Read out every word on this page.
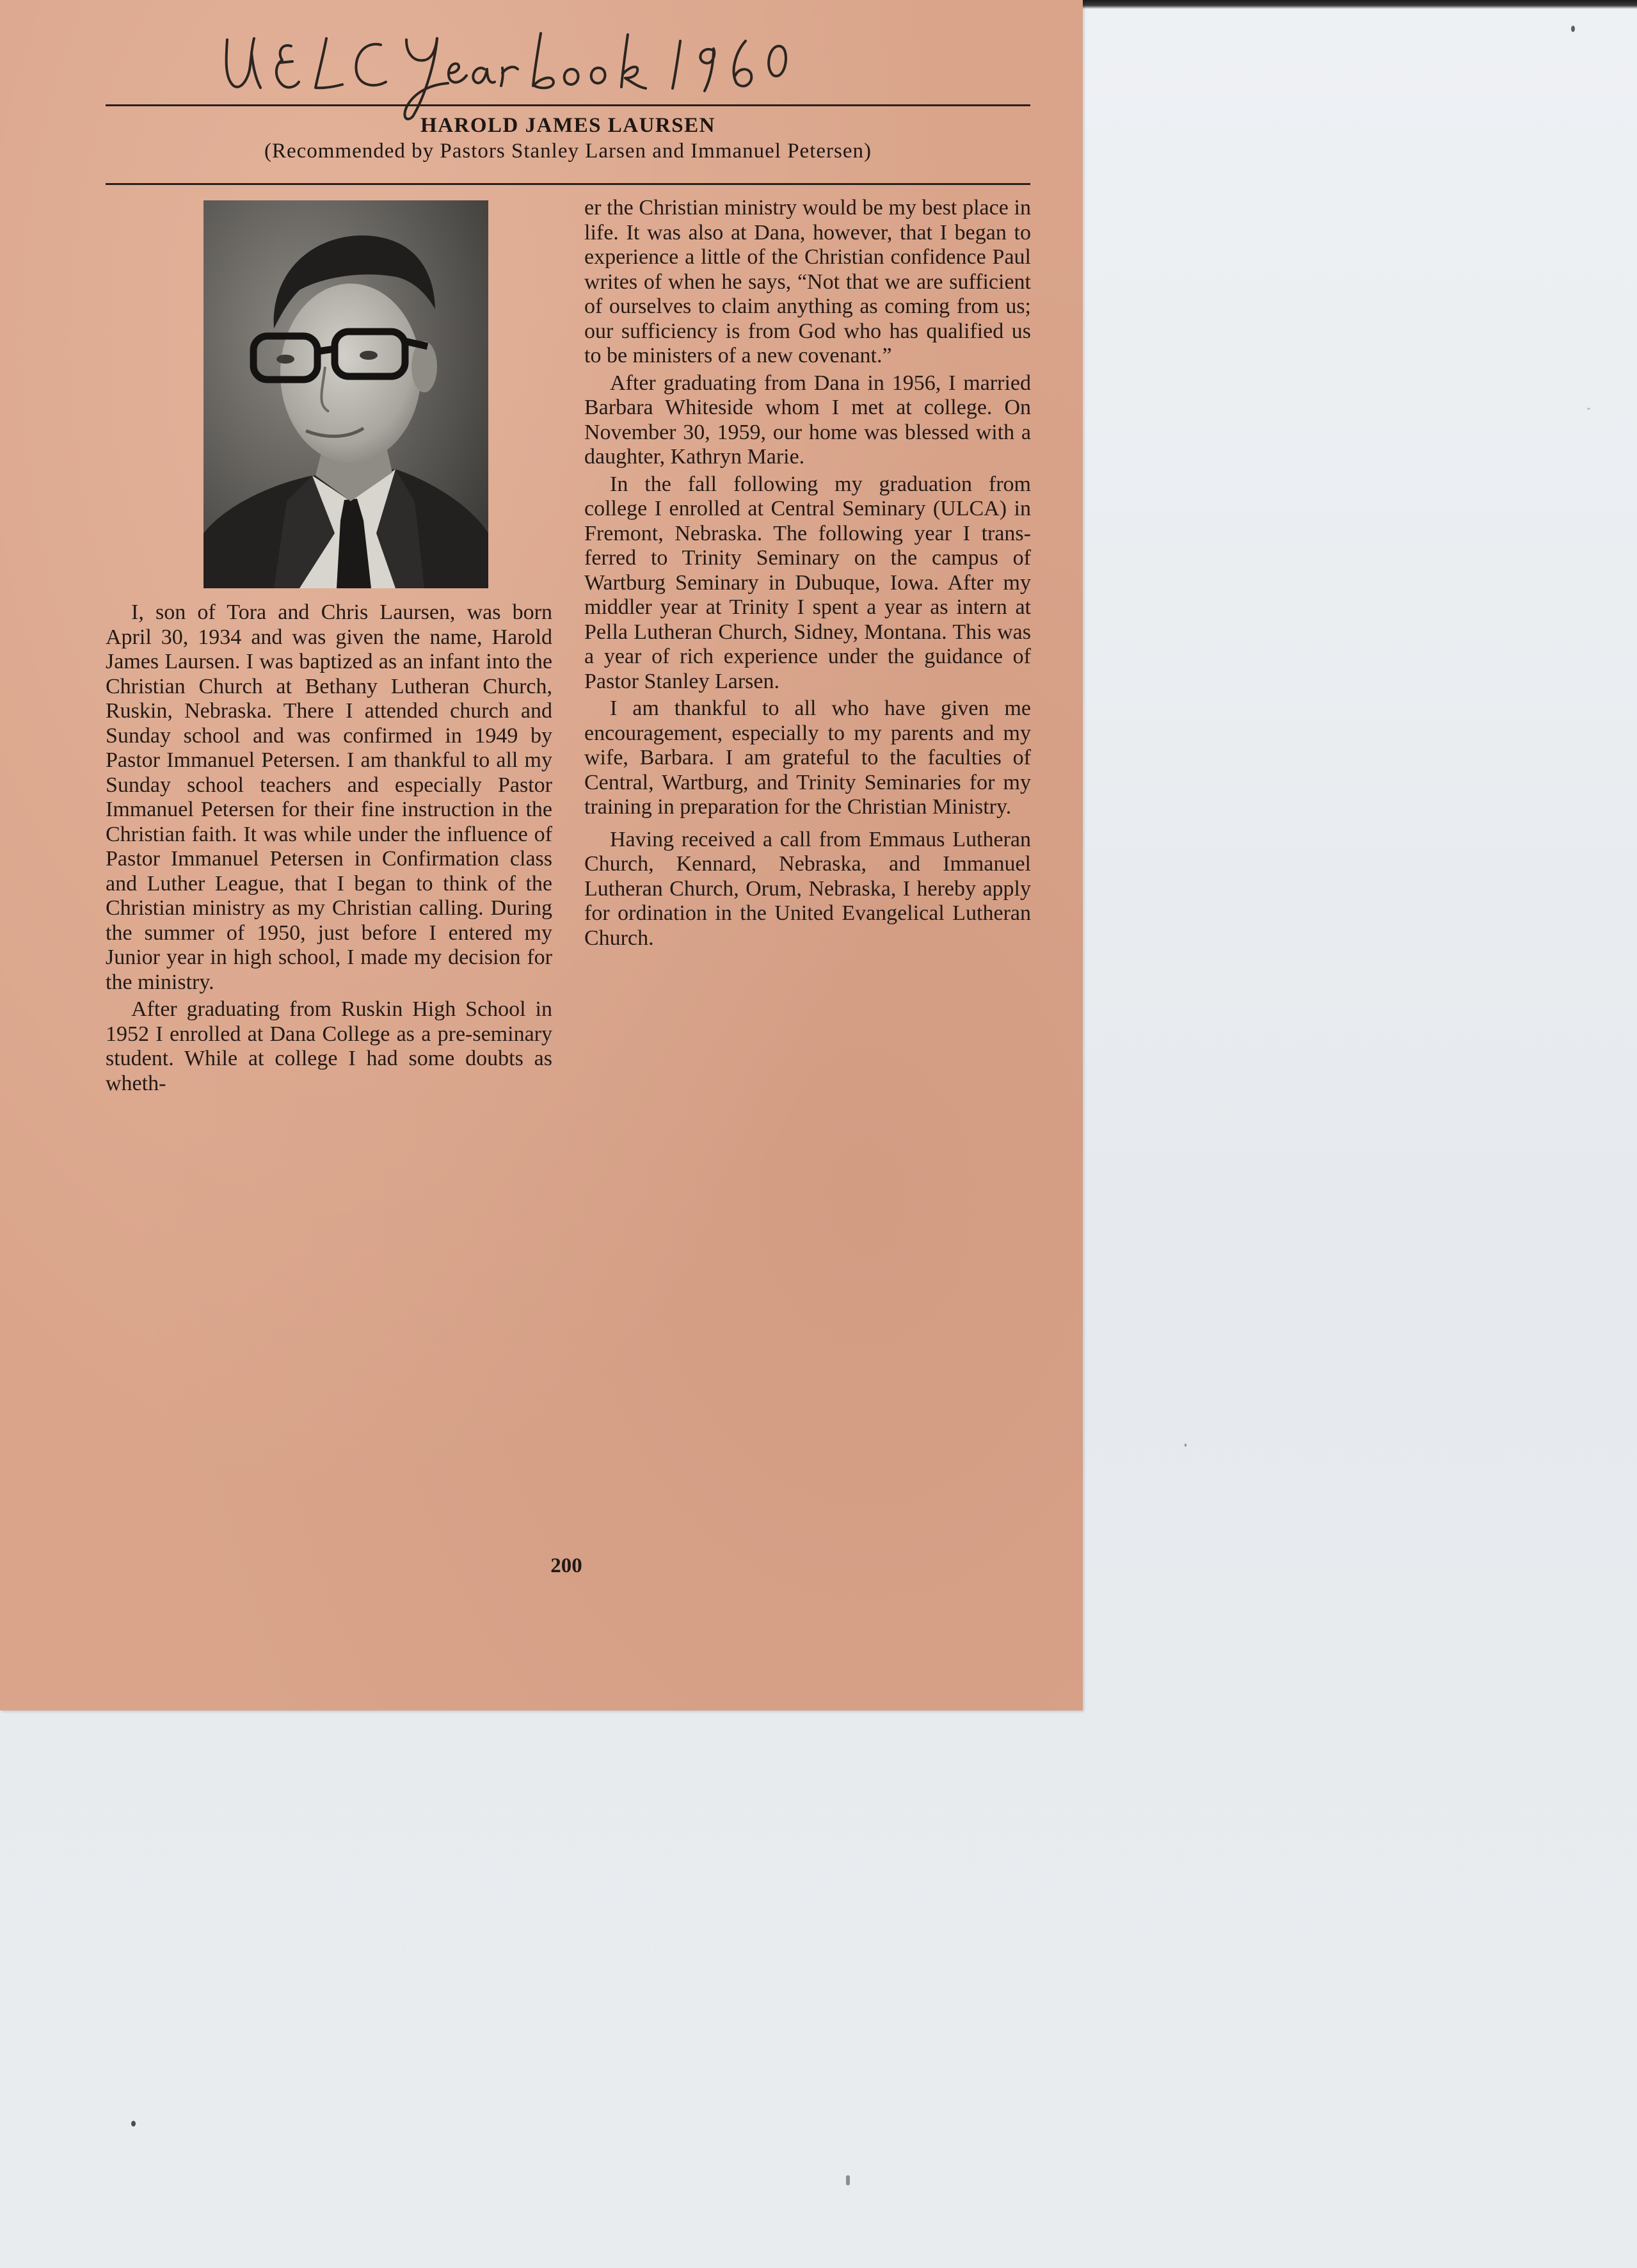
HAROLD JAMES LAURSEN
(Recommended by Pastors Stanley Larsen and Immanuel Petersen)

I, son of Tora and Chris Laursen, was born April 30, 1934 and was given the name, Harold James Laursen. I was baptized as an infant into the Christian Church at Bethany Lutheran Church, Ruskin, Nebraska. There I attended church and Sunday school and was confirmed in 1949 by Pastor Immanuel Petersen. I am thankful to all my Sunday school teachers and especially Pastor Immanuel Petersen for their fine instruction in the Christian faith. It was while under the influence of Pastor Immanuel Petersen in Confirmation class and Luther League, that I began to think of the Christian ministry as my Christian calling. During the summer of 1950, just before I entered my Junior year in high school, I made my decision for the ministry.

After graduating from Ruskin High School in 1952 I enrolled at Dana College as a pre-seminary student. While at college I had some doubts as wheth-

er the Christian ministry would be my best place in life. It was also at Dana, however, that I began to experience a little of the Christian confidence Paul writes of when he says, “Not that we are sufficient of ourselves to claim anything as coming from us; our sufficiency is from God who has qualified us to be ministers of a new covenant.”

After graduating from Dana in 1956, I married Barbara Whiteside whom I met at college. On November 30, 1959, our home was blessed with a daughter, Kathryn Marie.

In the fall following my graduation from college I enrolled at Central Seminary (ULCA) in Fremont, Nebraska. The following year I transferred to Trinity Seminary on the campus of Wartburg Seminary in Dubuque, Iowa. After my middler year at Trinity I spent a year as intern at Pella Lutheran Church, Sidney, Montana. This was a year of rich experience under the guidance of Pastor Stanley Larsen.

I am thankful to all who have given me encouragement, especially to my parents and my wife, Barbara. I am grateful to the faculties of Central, Wartburg, and Trinity Seminaries for my training in preparation for the Christian Ministry.

Having received a call from Emmaus Lutheran Church, Kennard, Nebraska, and Immanuel Lutheran Church, Orum, Nebraska, I hereby apply for ordination in the United Evangelical Lutheran Church.

200
